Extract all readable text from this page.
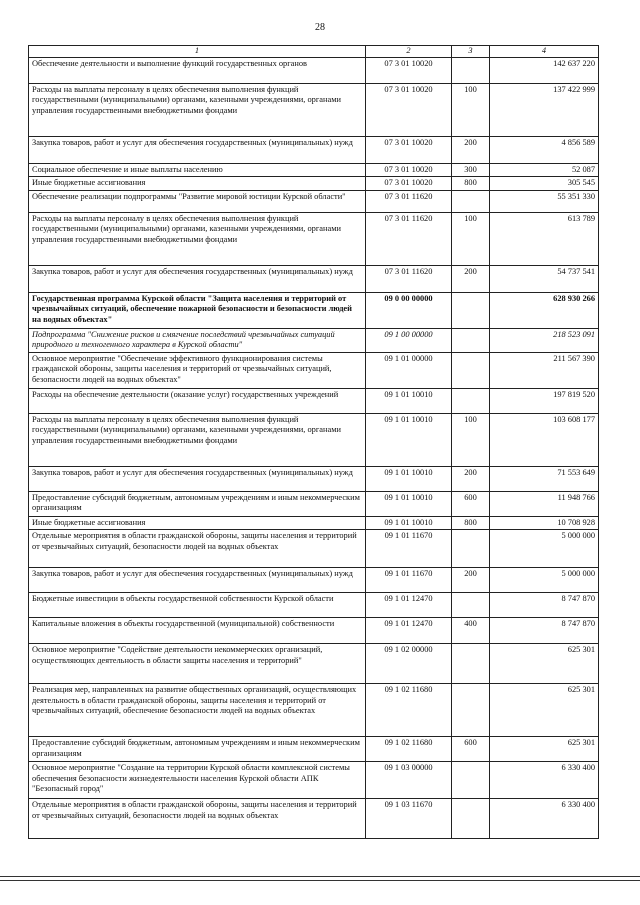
28
1	2	3	4
Обеспечение деятельности и выполнение функций государственных органов	07 3 01 10020		142 637 220
Расходы на выплаты персоналу в целях обеспечения выполнения функций государственными (муниципальными) органами, казенными учреждениями, органами управления государственными внебюджетными фондами	07 3 01 10020	100	137 422 999
Закупка товаров, работ и услуг для обеспечения государственных (муниципальных) нужд	07 3 01 10020	200	4 856 589
Социальное обеспечение и иные выплаты населению	07 3 01 10020	300	52 087
Иные бюджетные ассигнования	07 3 01 10020	800	305 545
Обеспечение реализации подпрограммы "Развитие мировой юстиции Курской области"	07 3 01 11620		55 351 330
Расходы на выплаты персоналу в целях обеспечения выполнения функций государственными (муниципальными) органами, казенными учреждениями, органами управления государственными внебюджетными фондами	07 3 01 11620	100	613 789
Закупка товаров, работ и услуг для обеспечения государственных (муниципальных) нужд	07 3 01 11620	200	54 737 541
Государственная программа Курской области "Защита населения и территорий от чрезвычайных ситуаций, обеспечение пожарной безопасности и безопасности людей на водных объектах"	09 0 00 00000		628 930 266
Подпрограмма "Снижение рисков и смягчение последствий чрезвычайных ситуаций природного и техногенного характера в Курской области"	09 1 00 00000		218 523 091
Основное мероприятие "Обеспечение эффективного функционирования системы гражданской обороны, защиты населения и территорий от чрезвычайных ситуаций, безопасности людей на водных объектах"	09 1 01 00000		211 567 390
Расходы на обеспечение деятельности (оказание услуг) государственных учреждений	09 1 01 10010		197 819 520
Расходы на выплаты персоналу в целях обеспечения выполнения функций государственными (муниципальными) органами, казенными учреждениями, органами управления государственными внебюджетными фондами	09 1 01 10010	100	103 608 177
Закупка товаров, работ и услуг для обеспечения государственных (муниципальных) нужд	09 1 01 10010	200	71 553 649
Предоставление субсидий бюджетным, автономным учреждениям и иным некоммерческим организациям	09 1 01 10010	600	11 948 766
Иные бюджетные ассигнования	09 1 01 10010	800	10 708 928
Отдельные мероприятия в области гражданской обороны, защиты населения и территорий от чрезвычайных ситуаций, безопасности людей на водных объектах	09 1 01 11670		5 000 000
Закупка товаров, работ и услуг для обеспечения государственных (муниципальных) нужд	09 1 01 11670	200	5 000 000
Бюджетные инвестиции в объекты государственной собственности Курской области	09 1 01 12470		8 747 870
Капитальные вложения в объекты государственной (муниципальной) собственности	09 1 01 12470	400	8 747 870
Основное мероприятие "Содействие деятельности некоммерческих организаций, осуществляющих деятельность в области защиты населения и территорий"	09 1 02 00000		625 301
Реализация мер, направленных на развитие общественных организаций, осуществляющих деятельность в области гражданской обороны, защиты населения и территорий от чрезвычайных ситуаций, обеспечение безопасности людей на водных объектах	09 1 02 11680		625 301
Предоставление субсидий бюджетным, автономным учреждениям и иным некоммерческим организациям	09 1 02 11680	600	625 301
Основное мероприятие "Создание на территории Курской области комплексной системы обеспечения безопасности жизнедеятельности населения Курской области АПК "Безопасный город"	09 1 03 00000		6 330 400
Отдельные мероприятия в области гражданской обороны, защиты населения и территорий от чрезвычайных ситуаций, безопасности людей на водных объектах	09 1 03 11670		6 330 400
